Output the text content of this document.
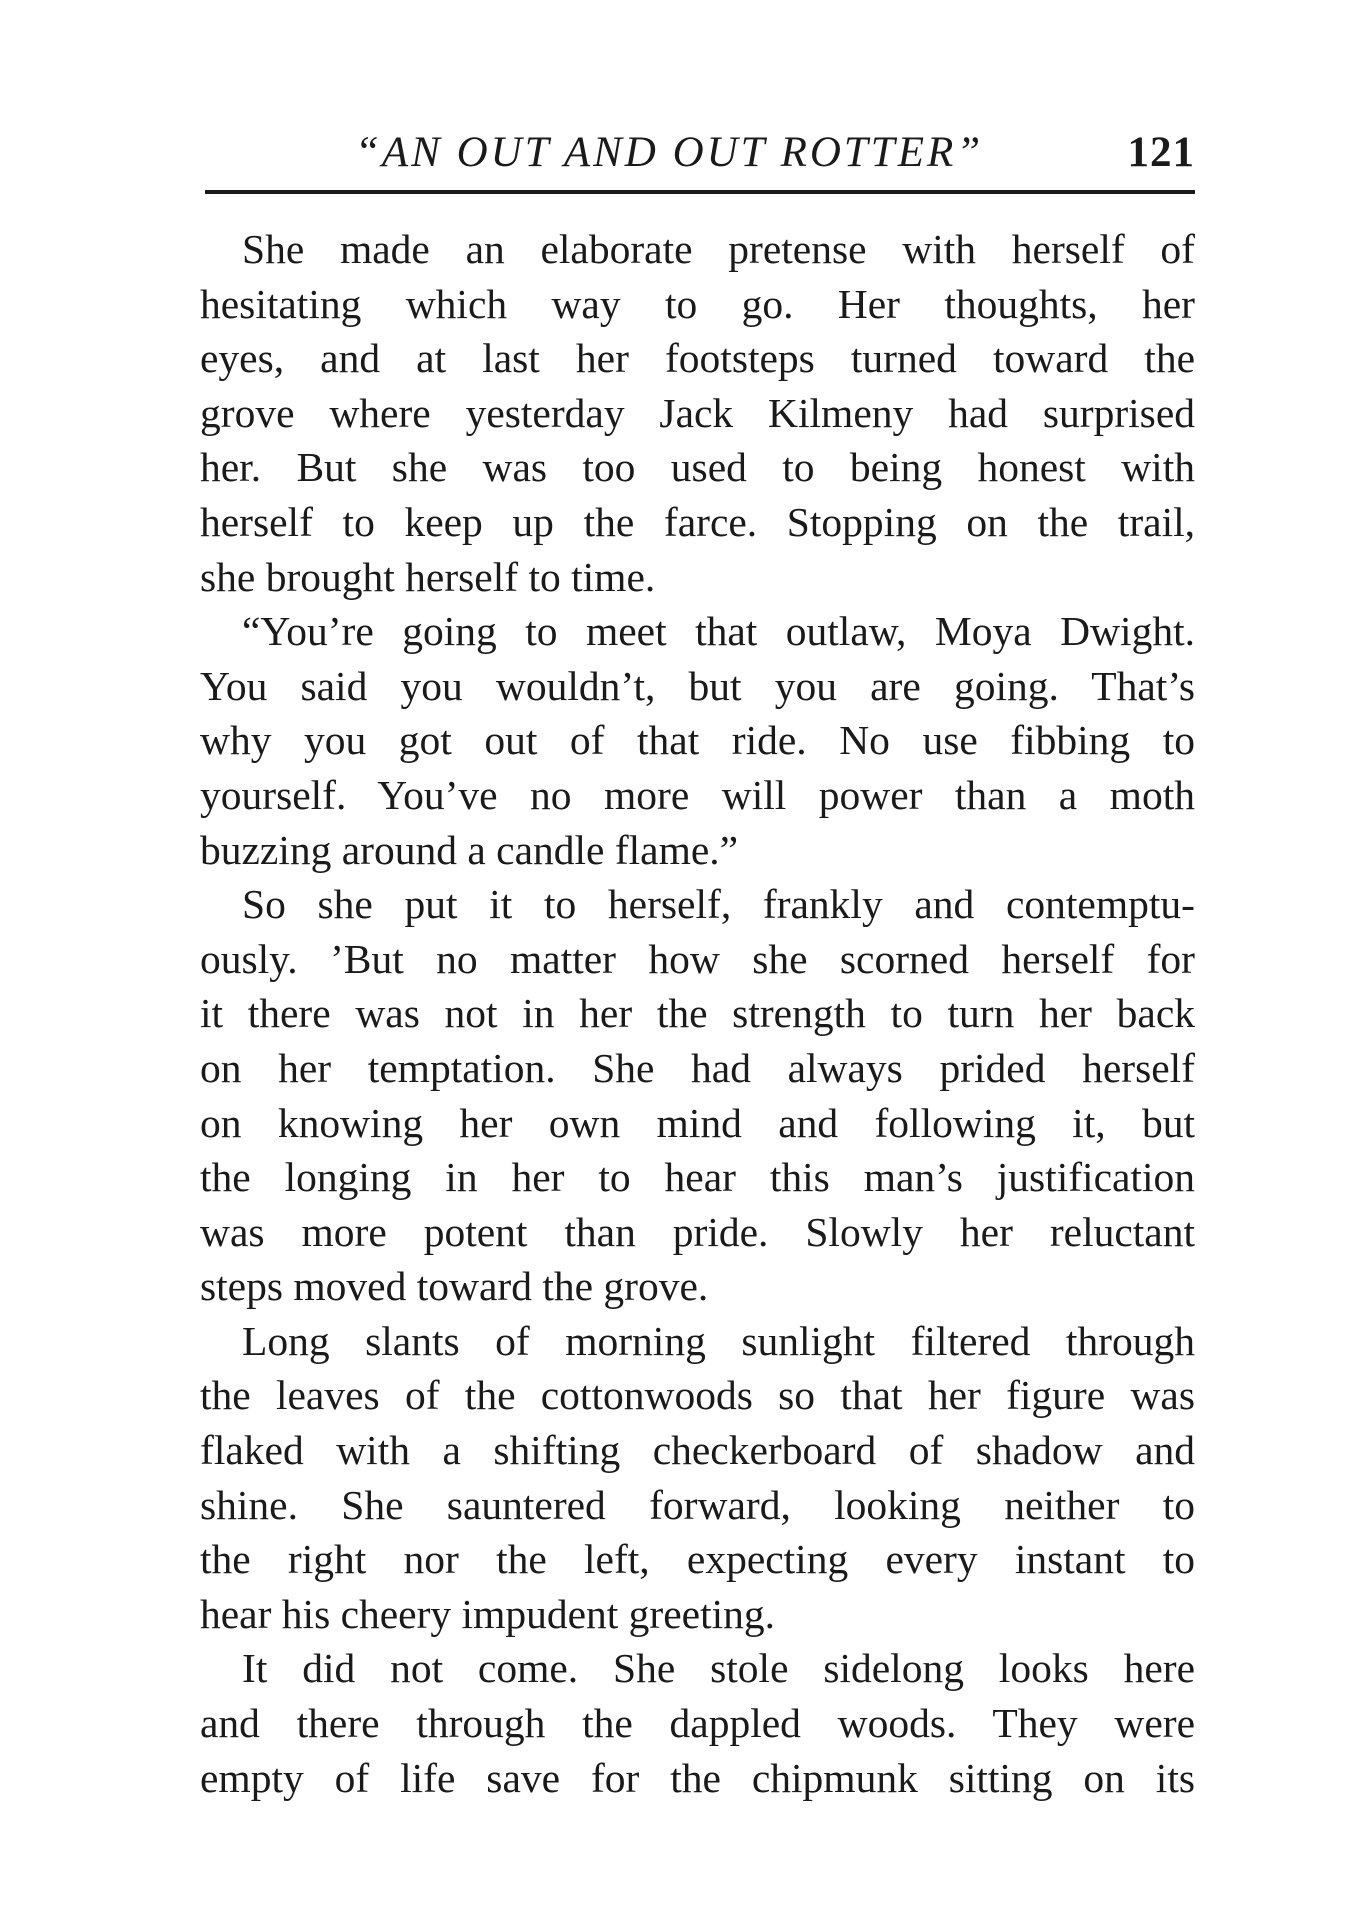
“AN OUT AND OUT ROTTER”	121
She made an elaborate pretense with herself of
hesitating which way to go. Her thoughts, her
eyes, and at last her footsteps turned toward the
grove where yesterday Jack Kilmeny had surprised
her. But she was too used to being honest with
herself to keep up the farce. Stopping on the trail,
she brought herself to time.
“You’re going to meet that outlaw, Moya Dwight.
You said you wouldn’t, but you are going. That’s
why you got out of that ride. No use fibbing to
yourself. You’ve no more will power than a moth
buzzing around a candle flame.”
So she put it to herself, frankly and contemptu-
ously. ’But no matter how she scorned herself for
it there was not in her the strength to turn her back
on her temptation. She had always prided herself
on knowing her own mind and following it, but
the longing in her to hear this man’s justification
was more potent than pride. Slowly her reluctant
steps moved toward the grove.
Long slants of morning sunlight filtered through
the leaves of the cottonwoods so that her figure was
flaked with a shifting checkerboard of shadow and
shine. She sauntered forward, looking neither to
the right nor the left, expecting every instant to
hear his cheery impudent greeting.
It did not come. She stole sidelong looks here
and there through the dappled woods. They were
empty of life save for the chipmunk sitting on its
